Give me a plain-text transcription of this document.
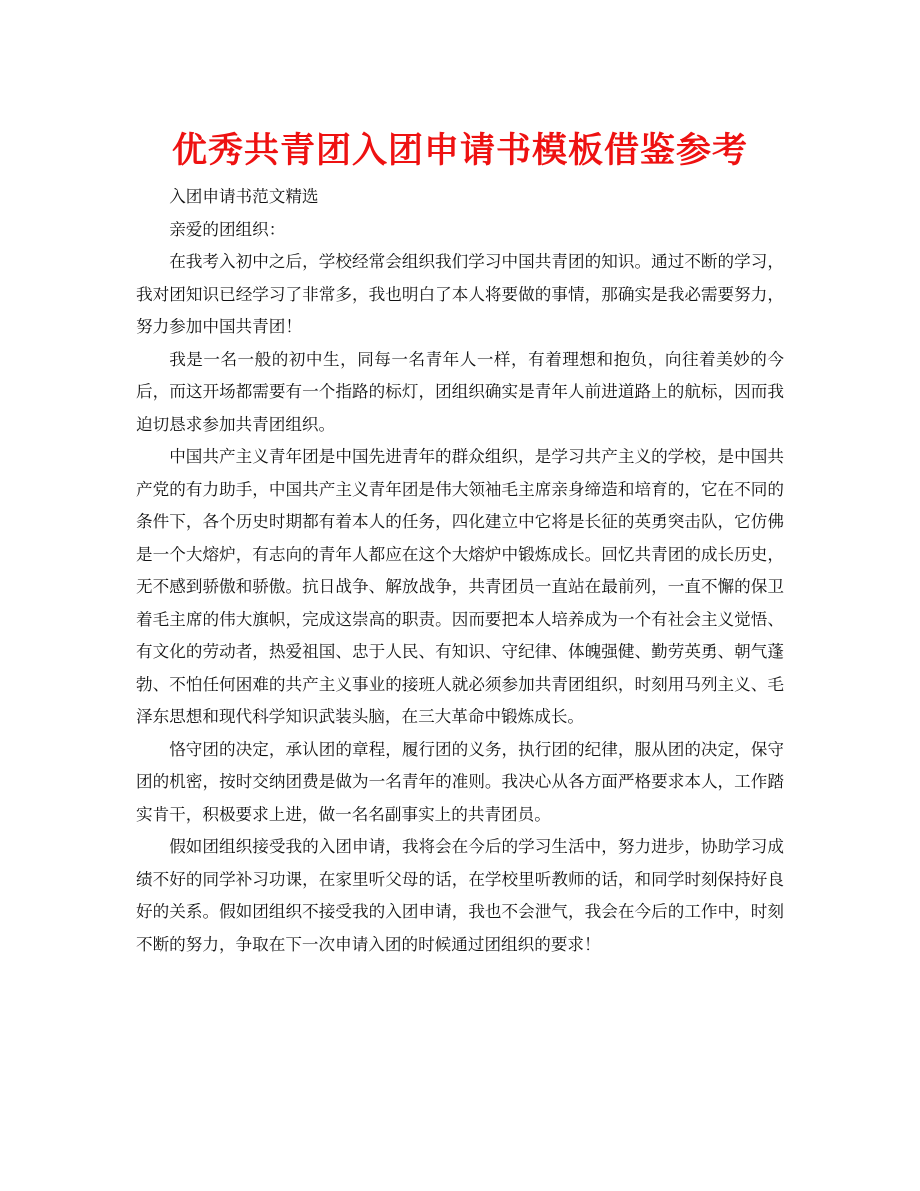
优秀共青团入团申请书模板借鉴参考

入团申请书范文精选

亲爱的团组织：

在我考入初中之后，学校经常会组织我们学习中国共青团的知识。通过不断的学习，我对团知识已经学习了非常多，我也明白了本人将要做的事情，那确实是我必需要努力，努力参加中国共青团！

我是一名一般的初中生，同每一名青年人一样，有着理想和抱负，向往着美妙的今后，而这开场都需要有一个指路的标灯，团组织确实是青年人前进道路上的航标，因而我迫切恳求参加共青团组织。

中国共产主义青年团是中国先进青年的群众组织，是学习共产主义的学校，是中国共产党的有力助手，中国共产主义青年团是伟大领袖毛主席亲身缔造和培育的，它在不同的条件下，各个历史时期都有着本人的任务，四化建立中它将是长征的英勇突击队，它仿佛是一个大熔炉，有志向的青年人都应在这个大熔炉中锻炼成长。回忆共青团的成长历史，无不感到骄傲和骄傲。抗日战争、解放战争，共青团员一直站在最前列，一直不懈的保卫着毛主席的伟大旗帜，完成这崇高的职责。因而要把本人培养成为一个有社会主义觉悟、有文化的劳动者，热爱祖国、忠于人民、有知识、守纪律、体魄强健、勤劳英勇、朝气蓬勃、不怕任何困难的共产主义事业的接班人就必须参加共青团组织，时刻用马列主义、毛泽东思想和现代科学知识武装头脑，在三大革命中锻炼成长。

恪守团的决定，承认团的章程，履行团的义务，执行团的纪律，服从团的决定，保守团的机密，按时交纳团费是做为一名青年的准则。我决心从各方面严格要求本人，工作踏实肯干，积极要求上进，做一名名副事实上的共青团员。

假如团组织接受我的入团申请，我将会在今后的学习生活中，努力进步，协助学习成绩不好的同学补习功课，在家里听父母的话，在学校里听教师的话，和同学时刻保持好良好的关系。假如团组织不接受我的入团申请，我也不会泄气，我会在今后的工作中，时刻不断的努力，争取在下一次申请入团的时候通过团组织的要求！
